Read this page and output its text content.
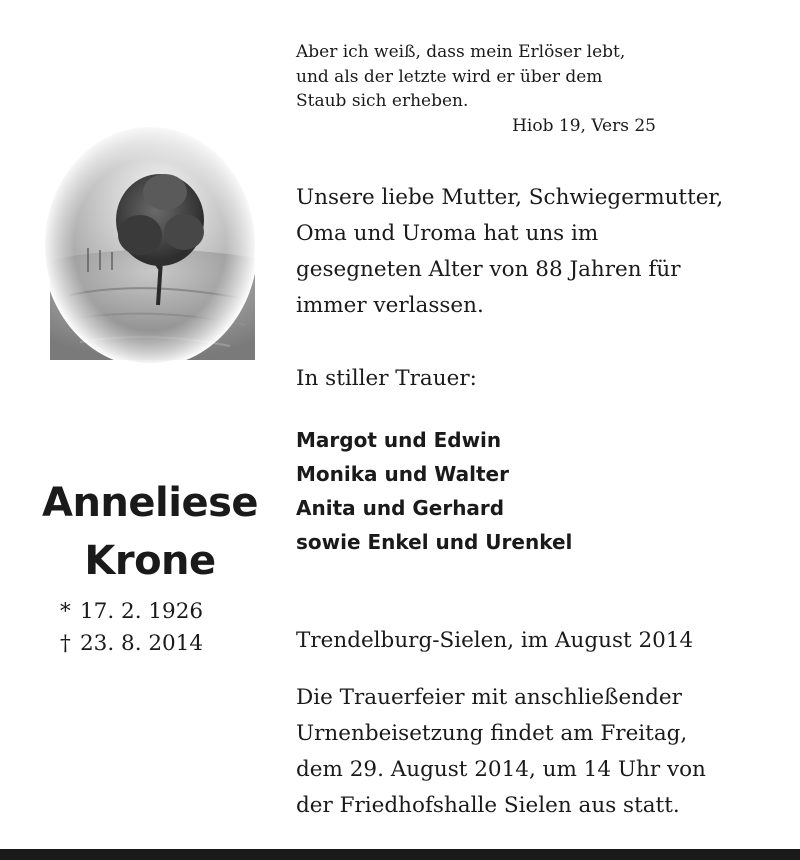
Aber ich weiß, dass mein Erlöser lebt,
und als der letzte wird er über dem
Staub sich erheben.
Hiob 19, Vers 25
Unsere liebe Mutter, Schwiegermutter,
Oma und Uroma hat uns im
gesegneten Alter von 88 Jahren für
immer verlassen.
In stiller Trauer:
Margot und Edwin
Monika und Walter
Anita und Gerhard
sowie Enkel und Urenkel
Anneliese
Krone
* 17. 2. 1926
† 23. 8. 2014	Trendelburg-Sielen, im August 2014
Die Trauerfeier mit anschließender
Urnenbeisetzung findet am Freitag,
dem 29. August 2014, um 14 Uhr von
der Friedhofshalle Sielen aus statt.
